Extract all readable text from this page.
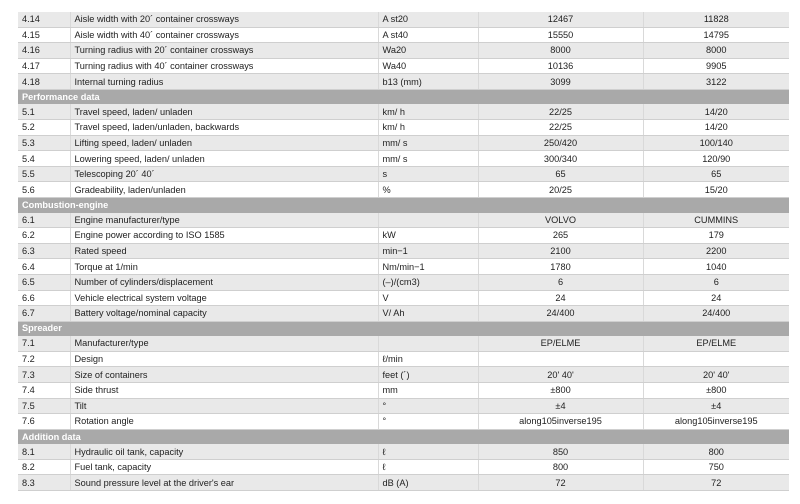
4.14	Aisle width with 20´ container crossways	A st20	12467	11828
4.15	Aisle width with 40´ container crossways	A st40	15550	14795
4.16	Turning radius with 20´ container crossways	Wa20	8000	8000
4.17	Turning radius with 40´ container crossways	Wa40	10136	9905
4.18	Internal turning radius	b13 (mm)	3099	3122
Performance data				
5.1	Travel speed, laden/ unladen	km/ h	22/25	14/20
5.2	Travel speed, laden/unladen, backwards	km/ h	22/25	14/20
5.3	Lifting speed, laden/ unladen	mm/ s	250/420	100/140
5.4	Lowering speed, laden/ unladen	mm/ s	300/340	120/90
5.5	Telescoping 20´ 40´	s	65	65
5.6	Gradeability, laden/unladen	%	20/25	15/20
Combustion-engine				
6.1	Engine manufacturer/type		VOLVO	CUMMINS
6.2	Engine power according to ISO 1585	kW	265	179
6.3	Rated speed	min−1	2100	2200
6.4	Torque at 1/min	Nm/min−1	1780	1040
6.5	Number of cylinders/displacement	(–)/(cm3)	6	6
6.6	Vehicle electrical system voltage	V	24	24
6.7	Battery voltage/nominal capacity	V/ Ah	24/400	24/400
Spreader				
7.1	Manufacturer/type		EP/ELME	EP/ELME
7.2	Design	ℓ/min		
7.3	Size of containers	feet (´)	20' 40'	20' 40'
7.4	Side thrust	mm	±800	±800
7.5	Tilt	°	±4	±4
7.6	Rotation angle	°	along105inverse195	along105inverse195
Addition data				
8.1	Hydraulic oil tank, capacity	ℓ	850	800
8.2	Fuel tank, capacity	ℓ	800	750
8.3	Sound pressure level at the driver's ear	dB (A)	72	72
